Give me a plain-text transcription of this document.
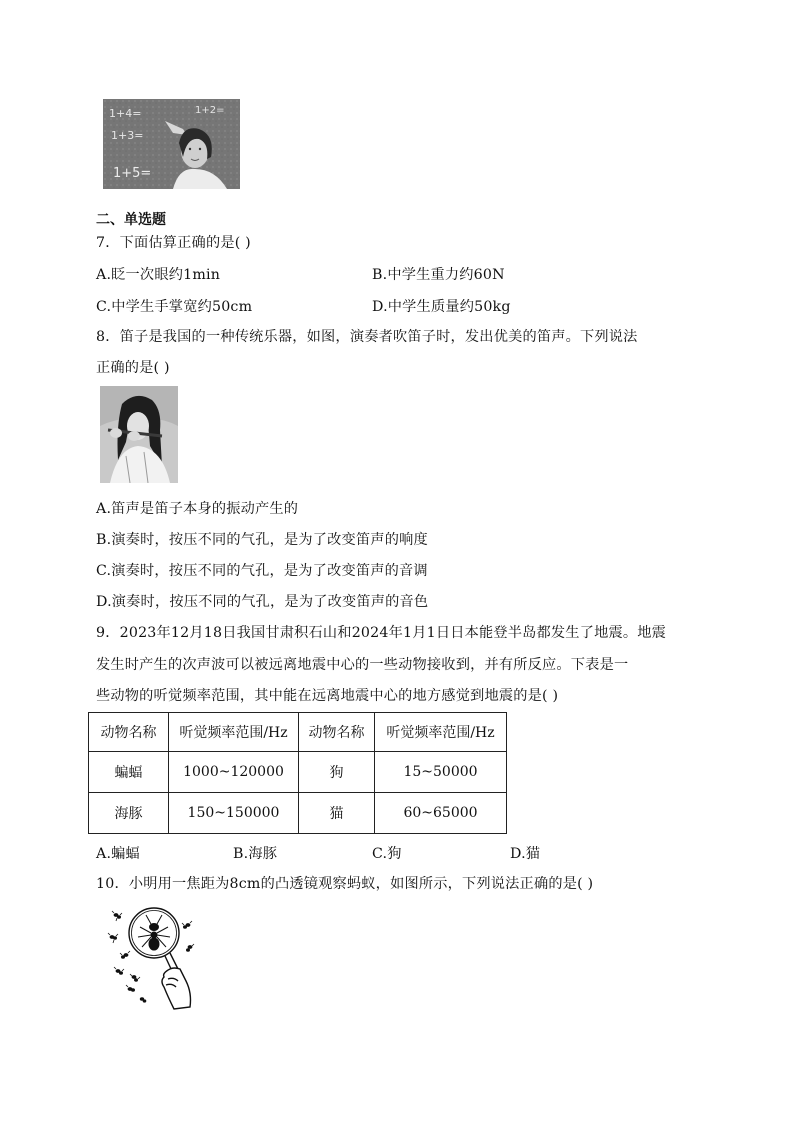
1+4=
1+3=
1+5=
1+2=
二、单选题
7．下面估算正确的是( )
A.眨一次眼约1min	B.中学生重力约60N
C.中学生手掌宽约50cm	D.中学生质量约50kg
8．笛子是我国的一种传统乐器，如图，演奏者吹笛子时，发出优美的笛声。下列说法
正确的是( )
A.笛声是笛子本身的振动产生的
B.演奏时，按压不同的气孔，是为了改变笛声的响度
C.演奏时，按压不同的气孔，是为了改变笛声的音调
D.演奏时，按压不同的气孔，是为了改变笛声的音色
9．2023年12月18日我国甘肃积石山和2024年1月1日日本能登半岛都发生了地震。地震
发生时产生的次声波可以被远离地震中心的一些动物接收到，并有所反应。下表是一
些动物的听觉频率范围，其中能在远离地震中心的地方感觉到地震的是( )
动物名称	听觉频率范围/Hz	动物名称	听觉频率范围/Hz
蝙蝠	1000~120000	狗	15~50000
海豚	150~150000	猫	60~65000
A.蝙蝠	B.海豚	C.狗	D.猫
10．小明用一焦距为8cm的凸透镜观察蚂蚁，如图所示，下列说法正确的是( )
